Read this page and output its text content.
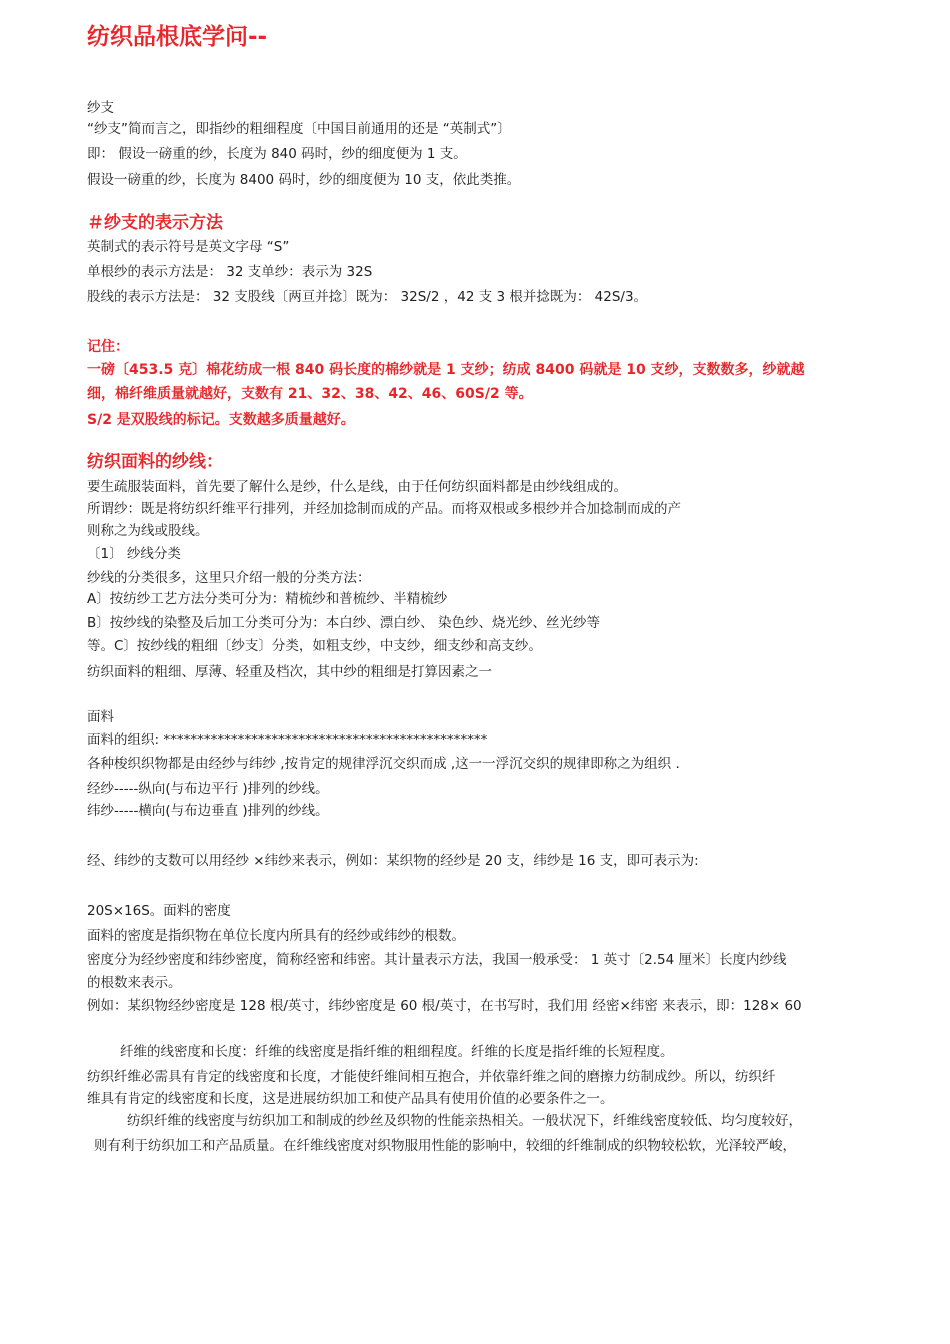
纺织品根底学问--
纱支
“纱支”简而言之，即指纱的粗细程度〔中国目前通用的还是 “英制式”〕
即： 假设一磅重的纱，长度为 840 码时，纱的细度便为 1 支。
假设一磅重的纱，长度为 8400 码时，纱的细度便为 10 支，依此类推。
＃纱支的表示方法
英制式的表示符号是英文字母 “S”
单根纱的表示方法是： 32 支单纱：表示为 32S
股线的表示方法是： 32 支股线〔两亘并捻〕既为： 32S/2 ，42 支 3 根并捻既为： 42S/3。
记住：
一磅〔453.5 克〕棉花纺成一根 840 码长度的棉纱就是 1 支纱；纺成 8400 码就是 10 支纱，支数数多，纱就越
细，棉纤维质量就越好，支数有 21、32、38、42、46、60S/2 等。
S/2 是双股线的标记。支数越多质量越好。
纺织面料的纱线：
要生疏服装面料，首先要了解什么是纱，什么是线，由于任何纺织面料都是由纱线组成的。
所谓纱：既是将纺织纤维平行排列，并经加捻制而成的产品。而将双根或多根纱并合加捻制而成的产
则称之为线或股线。
〔1〕 纱线分类
纱线的分类很多，这里只介绍一般的分类方法：
A〕按纺纱工艺方法分类可分为：精梳纱和普梳纱、半精梳纱
B〕按纱线的染整及后加工分类可分为：本白纱、漂白纱、 染色纱、烧光纱、丝光纱等
等。C〕按纱线的粗细〔纱支〕分类，如粗支纱，中支纱，细支纱和高支纱。
纺织面料的粗细、厚薄、轻重及档次，其中纱的粗细是打算因素之一
面料
面料的组织: ************************************************
各种梭织织物都是由经纱与纬纱 ,按肯定的规律浮沉交织而成 ,这一一浮沉交织的规律即称之为组织 .
经纱-----纵向(与布边平行 )排列的纱线。
纬纱-----横向(与布边垂直 )排列的纱线。
经、纬纱的支数可以用经纱 ×纬纱来表示，例如：某织物的经纱是 20 支，纬纱是 16 支，即可表示为:
20S×16S。面料的密度
面料的密度是指织物在单位长度内所具有的经纱或纬纱的根数。
密度分为经纱密度和纬纱密度，简称经密和纬密。其计量表示方法，我国一般承受： 1 英寸〔2.54 厘米〕长度内纱线
的根数来表示。
例如：某织物经纱密度是 128 根/英寸，纬纱密度是 60 根/英寸，在书写时，我们用 经密×纬密 来表示，即：128× 60
纤维的线密度和长度：纤维的线密度是指纤维的粗细程度。纤维的长度是指纤维的长短程度。
纺织纤维必需具有肯定的线密度和长度，才能使纤维间相互抱合，并依靠纤维之间的磨擦力纺制成纱。所以，纺织纤
维具有肯定的线密度和长度，这是进展纺织加工和使产品具有使用价值的必要条件之一。
纺织纤维的线密度与纺织加工和制成的纱丝及织物的性能亲热相关。一般状况下，纤维线密度较低、均匀度较好，
则有利于纺织加工和产品质量。在纤维线密度对织物服用性能的影响中，较细的纤维制成的织物较松软，光泽较严峻，
